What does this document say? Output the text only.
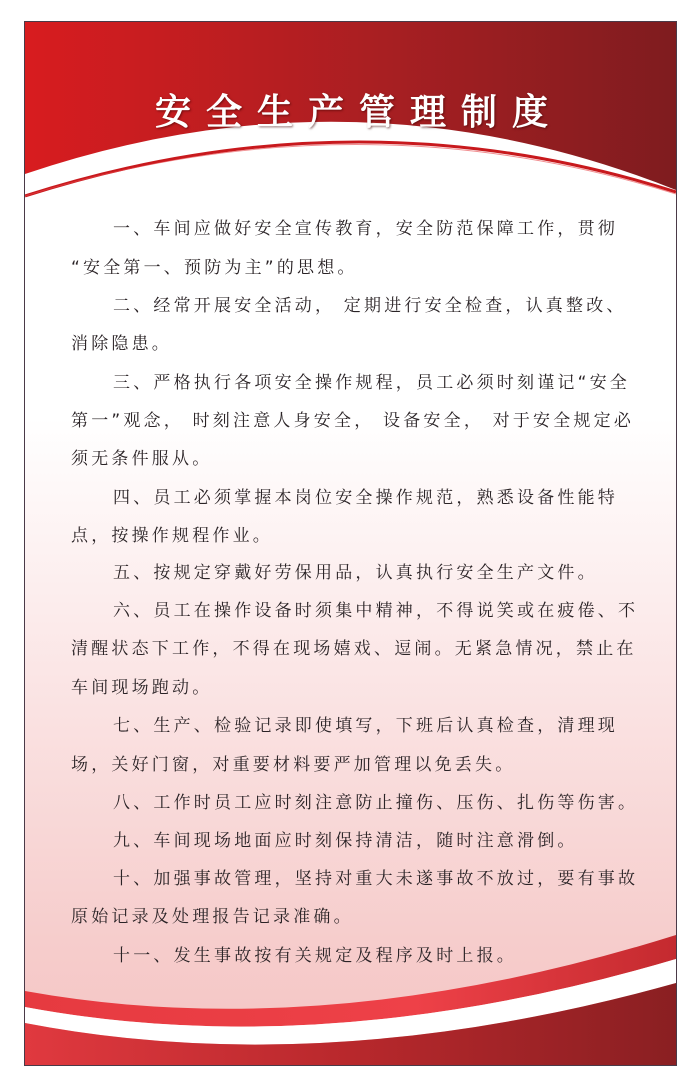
安全生产管理制度
一、车间应做好安全宣传教育，安全防范保障工作，贯彻
“安全第一、预防为主”的思想。
二、经常开展安全活动， 定期进行安全检查，认真整改、
消除隐患。
三、严格执行各项安全操作规程，员工必须时刻谨记“安全
第一”观念， 时刻注意人身安全， 设备安全， 对于安全规定必
须无条件服从。
四、员工必须掌握本岗位安全操作规范，熟悉设备性能特
点，按操作规程作业。
五、按规定穿戴好劳保用品，认真执行安全生产文件。
六、员工在操作设备时须集中精神，不得说笑或在疲倦、不
清醒状态下工作，不得在现场嬉戏、逗闹。无紧急情况，禁止在
车间现场跑动。
七、生产、检验记录即使填写，下班后认真检查，清理现
场，关好门窗，对重要材料要严加管理以免丢失。
八、工作时员工应时刻注意防止撞伤、压伤、扎伤等伤害。
九、车间现场地面应时刻保持清洁，随时注意滑倒。
十、加强事故管理，坚持对重大未遂事故不放过，要有事故
原始记录及处理报告记录准确。
十一、发生事故按有关规定及程序及时上报。
